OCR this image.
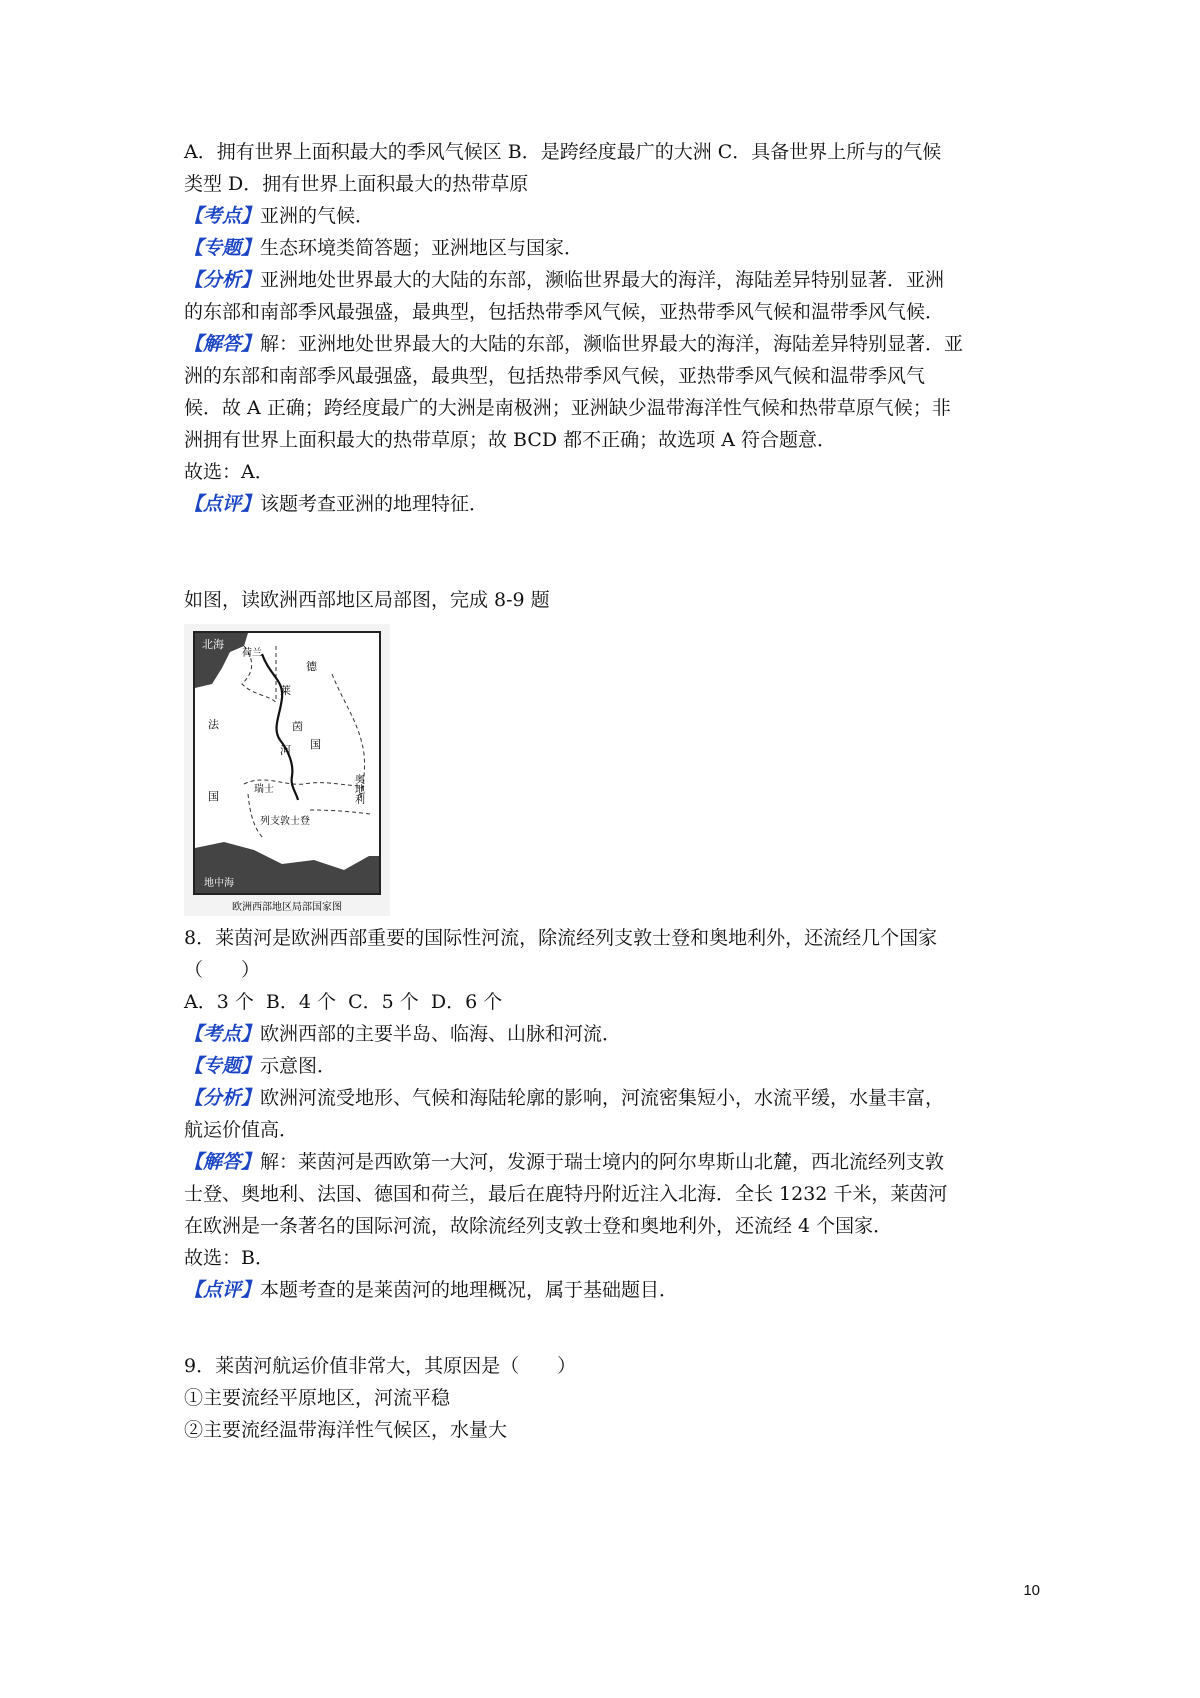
A．拥有世界上面积最大的季风气候区 B．是跨经度最广的大洲 C．具备世界上所与的气候

类型 D．拥有世界上面积最大的热带草原

【考点】亚洲的气候．

【专题】生态环境类简答题；亚洲地区与国家．

【分析】亚洲地处世界最大的大陆的东部，濒临世界最大的海洋，海陆差异特别显著．亚洲

的东部和南部季风最强盛，最典型，包括热带季风气候，亚热带季风气候和温带季风气候．

【解答】解：亚洲地处世界最大的大陆的东部，濒临世界最大的海洋，海陆差异特别显著．亚

洲的东部和南部季风最强盛，最典型，包括热带季风气候，亚热带季风气候和温带季风气

候．故 A 正确；跨经度最广的大洲是南极洲；亚洲缺少温带海洋性气候和热带草原气候；非

洲拥有世界上面积最大的热带草原；故 BCD 都不正确；故选项 A 符合题意．

故选：A．

【点评】该题考查亚洲的地理特征．

如图，读欧洲西部地区局部图，完成 8-9 题

北海
地中海
荷兰
德
莱
茵
河 国
法
国
瑞士	奥地利
列支敦士登
欧洲西部地区局部国家图

8．莱茵河是欧洲西部重要的国际性河流，除流经列支敦士登和奥地利外，还流经几个国家

（　　）

A．3 个  B．4 个  C．5 个  D．6 个

【考点】欧洲西部的主要半岛、临海、山脉和河流．

【专题】示意图．

【分析】欧洲河流受地形、气候和海陆轮廓的影响，河流密集短小，水流平缓，水量丰富，

航运价值高．

【解答】解：莱茵河是西欧第一大河，发源于瑞士境内的阿尔卑斯山北麓，西北流经列支敦

士登、奥地利、法国、德国和荷兰，最后在鹿特丹附近注入北海．全长 1232 千米，莱茵河

在欧洲是一条著名的国际河流，故除流经列支敦士登和奥地利外，还流经 4 个国家．

故选：B．

【点评】本题考查的是莱茵河的地理概况，属于基础题目．

9．莱茵河航运价值非常大，其原因是（　　）

①主要流经平原地区，河流平稳

②主要流经温带海洋性气候区，水量大

10
